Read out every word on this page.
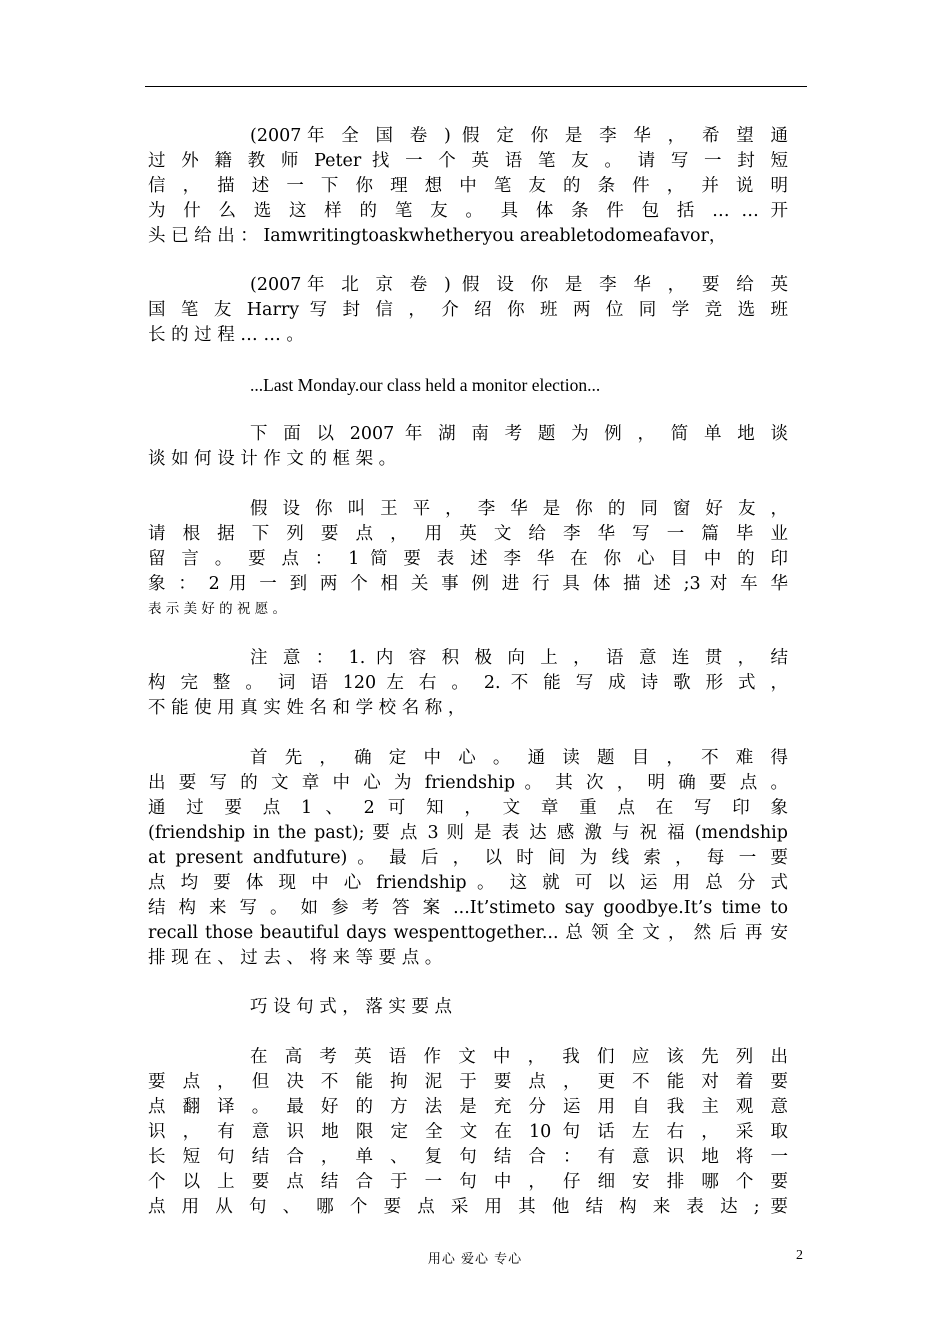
(2007年 全 国 卷 ) 假 定 你 是 李 华 ， 希 望 通
过 外 籍 教 师 Peter 找 一 个 英 语 笔 友 。 请 写 一 封 短
信 ， 描 述 一 下 你 理 想 中 笔 友 的 条 件 ， 并 说 明
为 什 么 选 这 样 的 笔 友 。 具 体 条 件 包 括 … … 开
头 已 给 出 ： Iamwritingtoaskwhetheryou areabletodomeafavor，
(2007年 北 京 卷 ) 假 设 你 是 李 华 ， 要 给 英
国 笔 友 Harry 写 封 信 ， 介 绍 你 班 两 位 同 学 竞 选 班
长 的 过 程 … … 。
...Last Monday.our class held a monitor election...
下 面 以 2007 年 湖 南 考 题 为 例 ， 简 单 地 谈
谈 如 何 设 计 作 文 的 框 架 。
假 设 你 叫 王 平 ， 李 华 是 你 的 同 窗 好 友 ，
请 根 据 下 列 要 点 ， 用 英 文 给 李 华 写 一 篇 毕 业
留 言 。 要 点 ： 1 简 要 表 述 李 华 在 你 心 目 中 的 印
象 ： 2 用 一 到 两 个 相 关 事 例 进 行 具 体 描 述 ;3 对 车 华
表 示 美 好 的 祝 愿 。
注 意 ： 1. 内 容 积 极 向 上 ， 语 意 连 贯 ， 结
构 完 整 。 词 语 120 左 右 。 2. 不 能 写 成 诗 歌 形 式 ，
不 能 使 用 真 实 姓 名 和 学 校 名 称 ，
首 先 ， 确 定 中 心 。 通 读 题 目 ， 不 难 得
出 要 写 的 文 章 中 心 为 friendship 。 其 次 ， 明 确 要 点 。
通 过 要 点 1 、 2 可 知 ， 文 章 重 点 在 写 印 象
(friendship in the past); 要 点 3 则 是 表 达 感 激 与 祝 福 (mendship
at present andfuture) 。 最 后 ， 以 时 间 为 线 索 ， 每 一 要
点 均 要 体 现 中 心 friendship 。 这 就 可 以 运 用 总 分 式
结 构 来 写 。 如 参 考 答 案 ...It’stimeto say goodbye.It’s time to
recall those beautiful days wespenttogether... 总 领 全 文 ， 然 后 再 安
排 现 在 、 过 去 、 将 来 等 要 点 。
巧 设 句 式 ， 落 实 要 点
在 高 考 英 语 作 文 中 ， 我 们 应 该 先 列 出
要 点 ， 但 决 不 能 拘 泥 于 要 点 ， 更 不 能 对 着 要
点 翻 译 。 最 好 的 方 法 是 充 分 运 用 自 我 主 观 意
识 ， 有 意 识 地 限 定 全 文 在 10 句 话 左 右 ， 采 取
长 短 句 结 合 ， 单 、 复 句 结 合 ： 有 意 识 地 将 一
个 以 上 要 点 结 合 于 一 句 中 ， 仔 细 安 排 哪 个 要
点 用 从 句 、 哪 个 要 点 采 用 其 他 结 构 来 表 达 ; 要
用心 爱心 专心	2
